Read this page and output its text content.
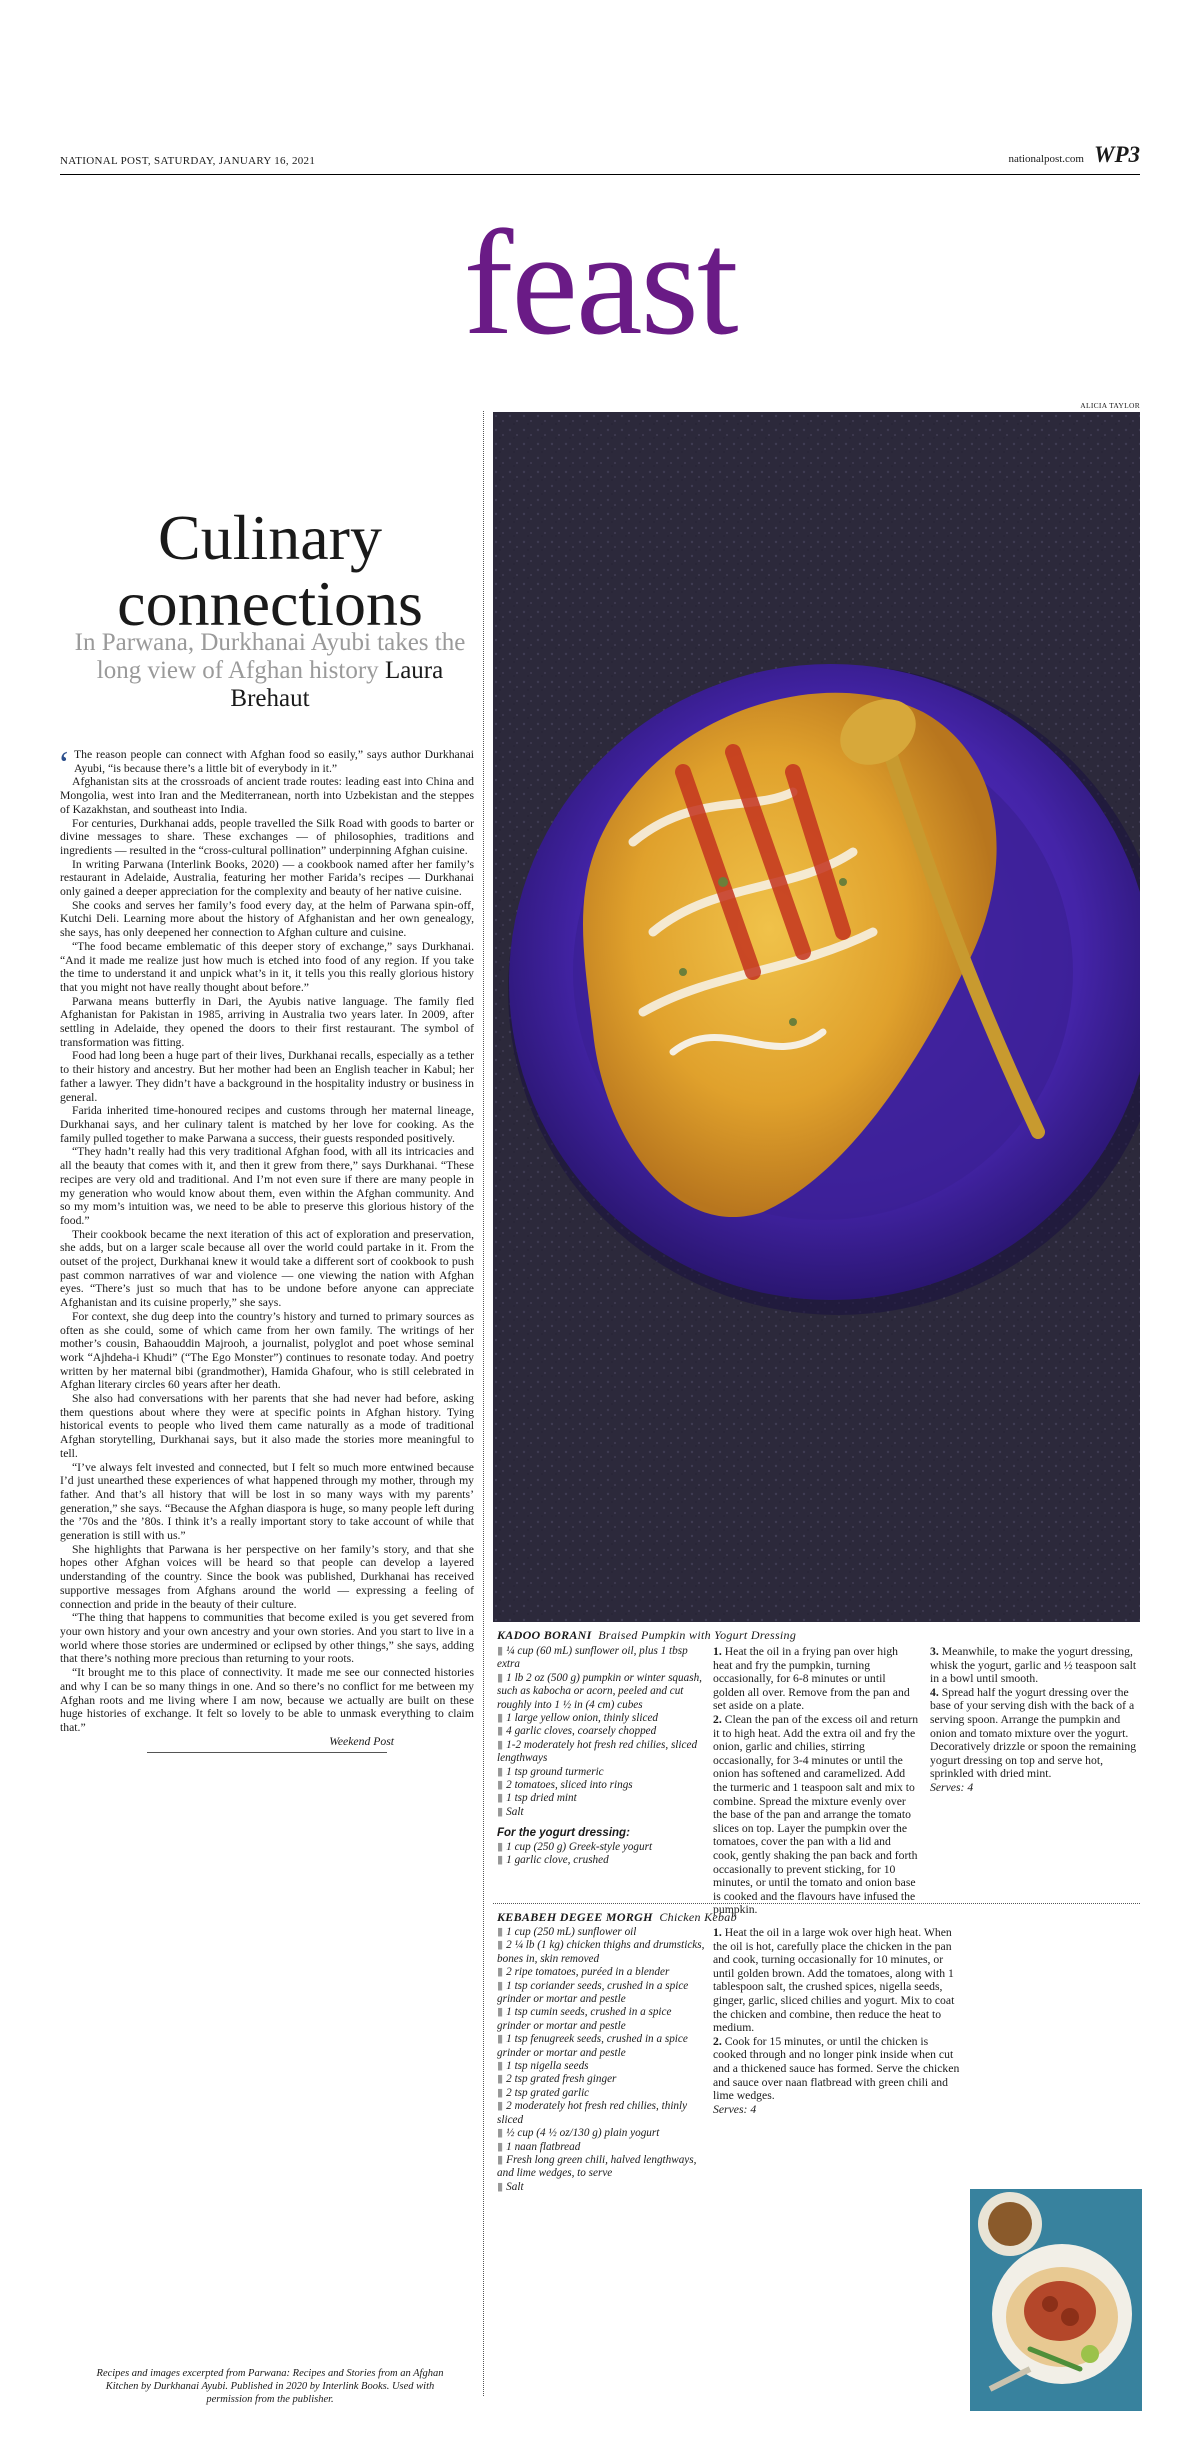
NATIONAL POST, SATURDAY, JANUARY 16, 2021	nationalpost.com WP3
feast
ALICIA TAYLOR
Culinary connections
In Parwana, Durkhanai Ayubi takes the long view of Afghan history Laura Brehaut

‘ The reason people can connect with Afghan food so easily,” says author Durkhanai Ayubi, “is because there’s a little bit of everybody in it.”

Afghanistan sits at the crossroads of ancient trade routes: leading east into China and Mongolia, west into Iran and the Mediterranean, north into Uzbekistan and the steppes of Kazakhstan, and southeast into India.

For centuries, Durkhanai adds, people travelled the Silk Road with goods to barter or divine messages to share. These exchanges — of philosophies, traditions and ingredients — resulted in the “cross-cultural pollination” underpinning Afghan cuisine.

In writing Parwana (Interlink Books, 2020) — a cookbook named after her family’s restaurant in Adelaide, Australia, featuring her mother Farida’s recipes — Durkhanai only gained a deeper appreciation for the complexity and beauty of her native cuisine.

She cooks and serves her family’s food every day, at the helm of Parwana spin-off, Kutchi Deli. Learning more about the history of Afghanistan and her own genealogy, she says, has only deepened her connection to Afghan culture and cuisine.

“The food became emblematic of this deeper story of exchange,” says Durkhanai. “And it made me realize just how much is etched into food of any region. If you take the time to understand it and unpick what’s in it, it tells you this really glorious history that you might not have really thought about before.”

Parwana means butterfly in Dari, the Ayubis native language. The family fled Afghanistan for Pakistan in 1985, arriving in Australia two years later. In 2009, after settling in Adelaide, they opened the doors to their first restaurant. The symbol of transformation was fitting.

Food had long been a huge part of their lives, Durkhanai recalls, especially as a tether to their history and ancestry. But her mother had been an English teacher in Kabul; her father a lawyer. They didn’t have a background in the hospitality industry or business in general.

Farida inherited time-honoured recipes and customs through her maternal lineage, Durkhanai says, and her culinary talent is matched by her love for cooking. As the family pulled together to make Parwana a success, their guests responded positively.

“They hadn’t really had this very traditional Afghan food, with all its intricacies and all the beauty that comes with it, and then it grew from there,” says Durkhanai. “These recipes are very old and traditional. And I’m not even sure if there are many people in my generation who would know about them, even within the Afghan community. And so my mom’s intuition was, we need to be able to preserve this glorious history of the food.”

Their cookbook became the next iteration of this act of exploration and preservation, she adds, but on a larger scale because all over the world could partake in it. From the outset of the project, Durkhanai knew it would take a different sort of cookbook to push past common narratives of war and violence — one viewing the nation with Afghan eyes. “There’s just so much that has to be undone before anyone can appreciate Afghanistan and its cuisine properly,” she says.

For context, she dug deep into the country’s history and turned to primary sources as often as she could, some of which came from her own family. The writings of her mother’s cousin, Bahaouddin Majrooh, a journalist, polyglot and poet whose seminal work “Ajhdeha-i Khudi” (“The Ego Monster”) continues to resonate today. And poetry written by her maternal bibi (grandmother), Hamida Ghafour, who is still celebrated in Afghan literary circles 60 years after her death.

She also had conversations with her parents that she had never had before, asking them questions about where they were at specific points in Afghan history. Tying historical events to people who lived them came naturally as a mode of traditional Afghan storytelling, Durkhanai says, but it also made the stories more meaningful to tell.

“I’ve always felt invested and connected, but I felt so much more entwined because I’d just unearthed these experiences of what happened through my mother, through my father. And that’s all history that will be lost in so many ways with my parents’ generation,” she says. “Because the Afghan diaspora is huge, so many people left during the ’70s and the ’80s. I think it’s a really important story to take account of while that generation is still with us.”

She highlights that Parwana is her perspective on her family’s story, and that she hopes other Afghan voices will be heard so that people can develop a layered understanding of the country. Since the book was published, Durkhanai has received supportive messages from Afghans around the world — expressing a feeling of connection and pride in the beauty of their culture.

“The thing that happens to communities that become exiled is you get severed from your own history and your own ancestry and your own stories. And you start to live in a world where those stories are undermined or eclipsed by other things,” she says, adding that there’s nothing more precious than returning to your roots.

“It brought me to this place of connectivity. It made me see our connected histories and why I can be so many things in one. And so there’s no conflict for me between my Afghan roots and me living where I am now, because we actually are built on these huge histories of exchange. It felt so lovely to be able to unmask everything to claim that.”

Weekend Post
Recipes and images excerpted from Parwana: Recipes and Stories from an Afghan Kitchen by Durkhanai Ayubi. Published in 2020 by Interlink Books. Used with permission from the publisher.
KADOO BORANI Braised Pumpkin with Yogurt Dressing
▮ ¼ cup (60 mL) sunflower oil, plus 1 tbsp extra
▮ 1 lb 2 oz (500 g) pumpkin or winter squash, such as kabocha or acorn, peeled and cut roughly into 1 ½ in (4 cm) cubes
▮ 1 large yellow onion, thinly sliced
▮ 4 garlic cloves, coarsely chopped
▮ 1-2 moderately hot fresh red chilies, sliced lengthways
▮ 1 tsp ground turmeric
▮ 2 tomatoes, sliced into rings
▮ 1 tsp dried mint
▮ Salt
For the yogurt dressing:
▮ 1 cup (250 g) Greek-style yogurt
▮ 1 garlic clove, crushed

1. Heat the oil in a frying pan over high heat and fry the pumpkin, turning occasionally, for 6-8 minutes or until golden all over. Remove from the pan and set aside on a plate.

2. Clean the pan of the excess oil and return it to high heat. Add the extra oil and fry the onion, garlic and chilies, stirring occasionally, for 3-4 minutes or until the onion has softened and caramelized. Add the turmeric and 1 teaspoon salt and mix to combine. Spread the mixture evenly over the base of the pan and arrange the tomato slices on top. Layer the pumpkin over the tomatoes, cover the pan with a lid and cook, gently shaking the pan back and forth occasionally to prevent sticking, for 10 minutes, or until the tomato and onion base is cooked and the flavours have infused the pumpkin.

3. Meanwhile, to make the yogurt dressing, whisk the yogurt, garlic and ½ teaspoon salt in a bowl until smooth.

4. Spread half the yogurt dressing over the base of your serving dish with the back of a serving spoon. Arrange the pumpkin and onion and tomato mixture over the yogurt. Decoratively drizzle or spoon the remaining yogurt dressing on top and serve hot, sprinkled with dried mint.

Serves: 4

KEBABEH DEGEE MORGH Chicken Kebab
▮ 1 cup (250 mL) sunflower oil
▮ 2 ¼ lb (1 kg) chicken thighs and drumsticks, bones in, skin removed
▮ 2 ripe tomatoes, puréed in a blender
▮ 1 tsp coriander seeds, crushed in a spice grinder or mortar and pestle
▮ 1 tsp cumin seeds, crushed in a spice grinder or mortar and pestle
▮ 1 tsp fenugreek seeds, crushed in a spice grinder or mortar and pestle
▮ 1 tsp nigella seeds
▮ 2 tsp grated fresh ginger
▮ 2 tsp grated garlic
▮ 2 moderately hot fresh red chilies, thinly sliced
▮ ½ cup (4 ½ oz/130 g) plain yogurt
▮ 1 naan flatbread
▮ Fresh long green chili, halved lengthways, and lime wedges, to serve
▮ Salt

1. Heat the oil in a large wok over high heat. When the oil is hot, carefully place the chicken in the pan and cook, turning occasionally for 10 minutes, or until golden brown. Add the tomatoes, along with 1 tablespoon salt, the crushed spices, nigella seeds, ginger, garlic, sliced chilies and yogurt. Mix to coat the chicken and combine, then reduce the heat to medium.

2. Cook for 15 minutes, or until the chicken is cooked through and no longer pink inside when cut and a thickened sauce has formed. Serve the chicken and sauce over naan flatbread with green chili and lime wedges.

Serves: 4
